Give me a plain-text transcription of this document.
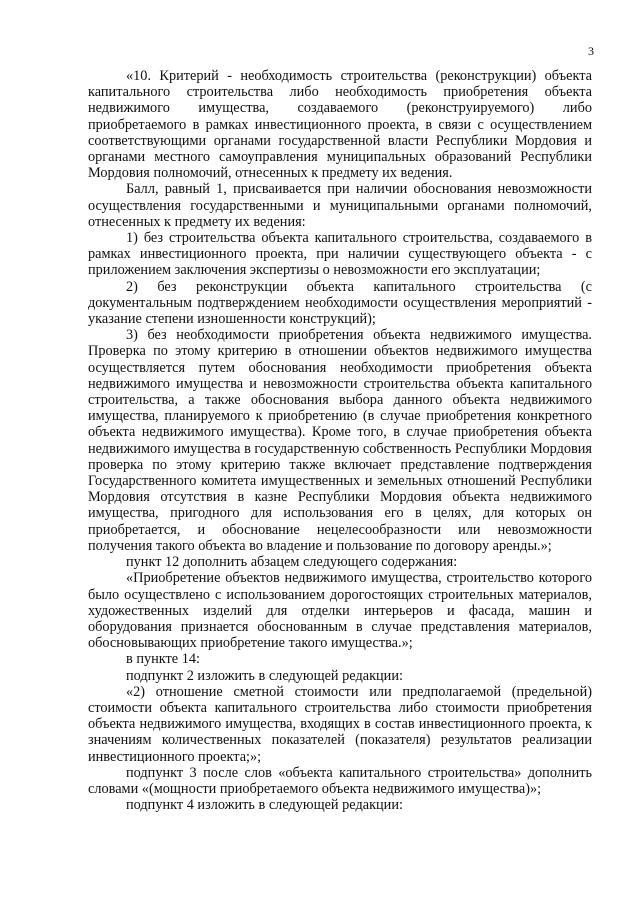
3

«10. Критерий - необходимость строительства (реконструкции) объекта капитального строительства либо необходимость приобретения объекта недвижимого имущества, создаваемого (реконструируемого) либо приобретаемого в рамках инвестиционного проекта, в связи с осуществлением соответствующими органами государственной власти Республики Мордовия и органами местного самоуправления муниципальных образований Республики Мордовия полномочий, отнесенных к предмету их ведения.

Балл, равный 1, присваивается при наличии обоснования невозможности осуществления государственными и муниципальными органами полномочий, отнесенных к предмету их ведения:

1) без строительства объекта капитального строительства, создаваемого в рамках инвестиционного проекта, при наличии существующего объекта - с приложением заключения экспертизы о невозможности его эксплуатации;

2) без реконструкции объекта капитального строительства (с документальным подтверждением необходимости осуществления мероприятий - указание степени изношенности конструкций);

3) без необходимости приобретения объекта недвижимого имущества. Проверка по этому критерию в отношении объектов недвижимого имущества осуществляется путем обоснования необходимости приобретения объекта недвижимого имущества и невозможности строительства объекта капитального строительства, а также обоснования выбора данного объекта недвижимого имущества, планируемого к приобретению (в случае приобретения конкретного объекта недвижимого имущества). Кроме того, в случае приобретения объекта недвижимого имущества в государственную собственность Республики Мордовия проверка по этому критерию также включает представление подтверждения Государственного комитета имущественных и земельных отношений Республики Мордовия отсутствия в казне Республики Мордовия объекта недвижимого имущества, пригодного для использования его в целях, для которых он приобретается, и обоснование нецелесообразности или невозможности получения такого объекта во владение и пользование по договору аренды.»;

пункт 12 дополнить абзацем следующего содержания:

«Приобретение объектов недвижимого имущества, строительство которого было осуществлено с использованием дорогостоящих строительных материалов, художественных изделий для отделки интерьеров и фасада, машин и оборудования признается обоснованным в случае представления материалов, обосновывающих приобретение такого имущества.»;

в пункте 14:

подпункт 2 изложить в следующей редакции:

«2) отношение сметной стоимости или предполагаемой (предельной) стоимости объекта капитального строительства либо стоимости приобретения объекта недвижимого имущества, входящих в состав инвестиционного проекта, к значениям количественных показателей (показателя) результатов реализации инвестиционного проекта;»;

подпункт 3 после слов «объекта капитального строительства» дополнить словами «(мощности приобретаемого объекта недвижимого имущества)»;

подпункт 4 изложить в следующей редакции:
